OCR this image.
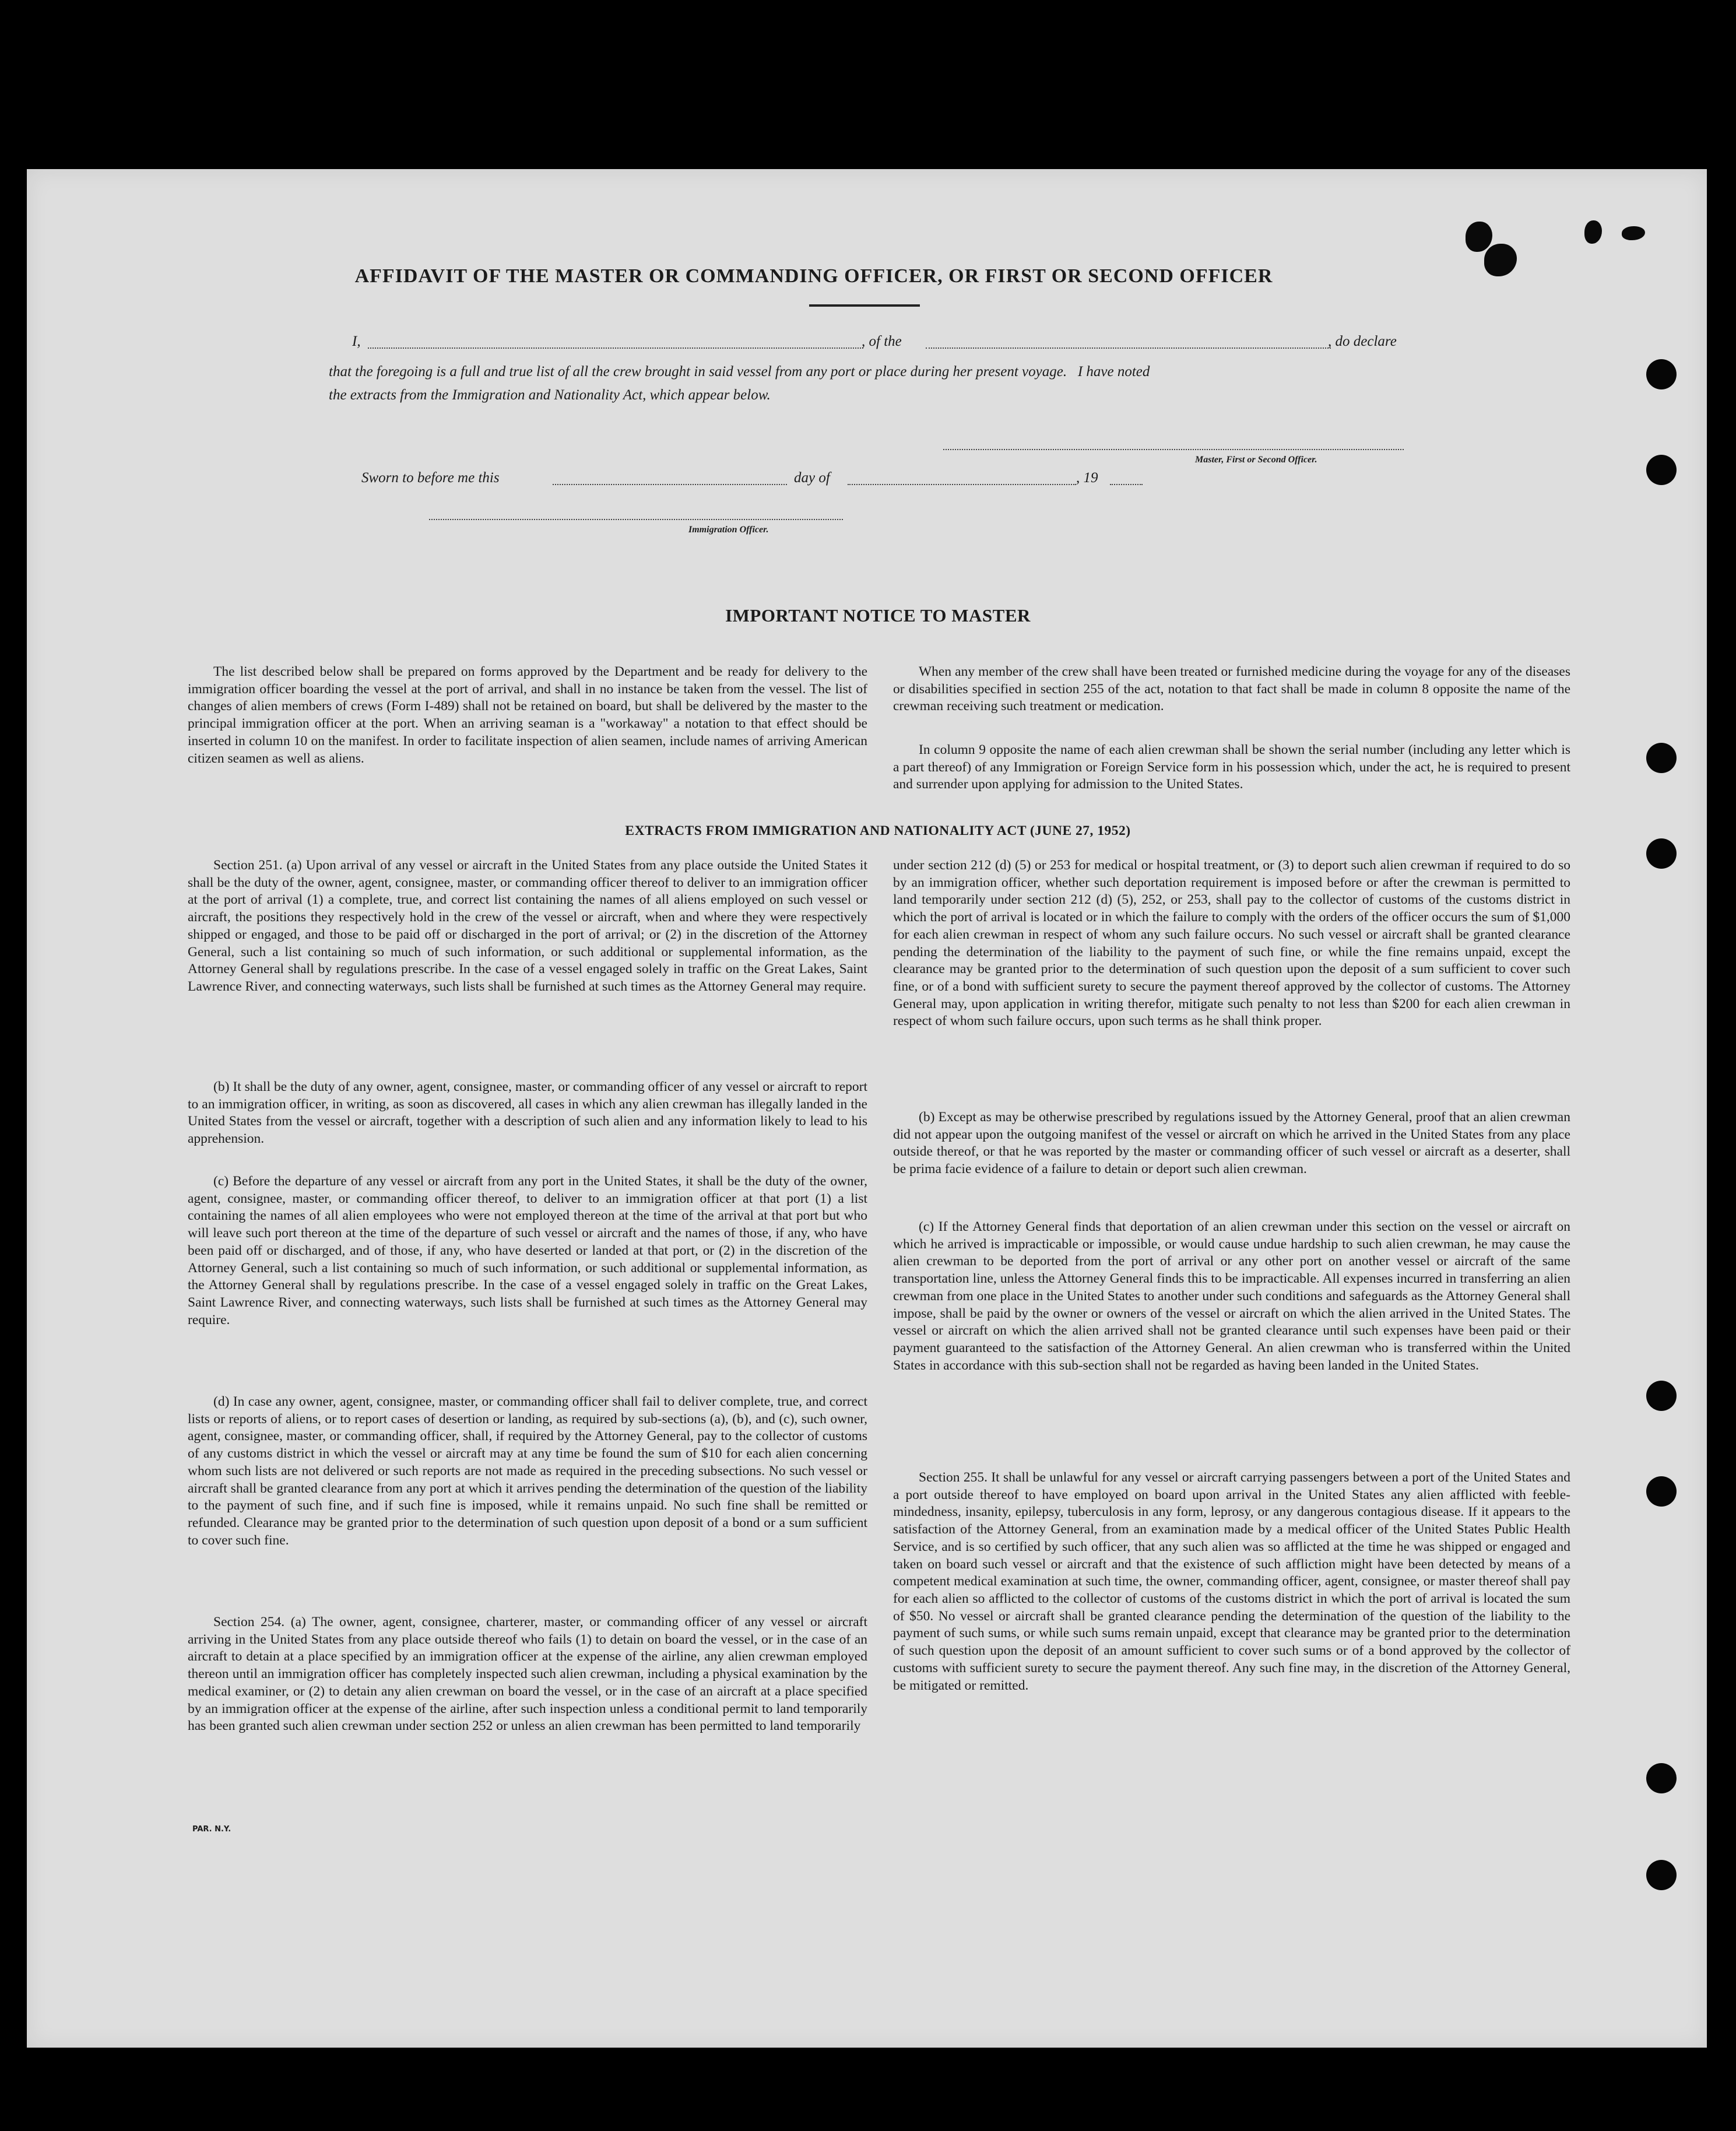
AFFIDAVIT OF THE MASTER OR COMMANDING OFFICER, OR FIRST OR SECOND OFFICER
I,	, of the	, do declare
that the foregoing is a full and true list of all the crew brought in said vessel from any port or place during her present voyage.   I have noted
the extracts from the Immigration and Nationality Act, which appear below.
Master, First or Second Officer.
Sworn to before me this	day of	, 19
Immigration Officer.
IMPORTANT NOTICE TO MASTER

The list described below shall be prepared on forms approved by the Department and be ready for delivery to the immigration officer boarding the vessel at the port of arrival, and shall in no instance be taken from the vessel. The list of changes of alien members of crews (Form I-489) shall not be retained on board, but shall be delivered by the master to the principal immigration officer at the port. When an arriving seaman is a "workaway" a notation to that effect should be inserted in column 10 on the manifest. In order to facilitate inspection of alien seamen, include names of arriving American citizen seamen as well as aliens.

When any member of the crew shall have been treated or furnished medicine during the voyage for any of the diseases or disabilities specified in section 255 of the act, notation to that fact shall be made in column 8 opposite the name of the crewman receiving such treatment or medication.

In column 9 opposite the name of each alien crewman shall be shown the serial number (including any letter which is a part thereof) of any Immigration or Foreign Service form in his possession which, under the act, he is required to present and surrender upon applying for admission to the United States.

EXTRACTS FROM IMMIGRATION AND NATIONALITY ACT (JUNE 27, 1952)

Section 251. (a) Upon arrival of any vessel or aircraft in the United States from any place outside the United States it shall be the duty of the owner, agent, consignee, master, or commanding officer thereof to deliver to an immigration officer at the port of arrival (1) a complete, true, and correct list containing the names of all aliens employed on such vessel or aircraft, the positions they respectively hold in the crew of the vessel or aircraft, when and where they were respectively shipped or engaged, and those to be paid off or discharged in the port of arrival; or (2) in the discretion of the Attorney General, such a list containing so much of such information, or such additional or supplemental information, as the Attorney General shall by regulations prescribe. In the case of a vessel engaged solely in traffic on the Great Lakes, Saint Lawrence River, and connecting waterways, such lists shall be furnished at such times as the Attorney General may require.

(b) It shall be the duty of any owner, agent, consignee, master, or commanding officer of any vessel or aircraft to report to an immigration officer, in writing, as soon as discovered, all cases in which any alien crewman has illegally landed in the United States from the vessel or aircraft, together with a description of such alien and any information likely to lead to his apprehension.

(c) Before the departure of any vessel or aircraft from any port in the United States, it shall be the duty of the owner, agent, consignee, master, or commanding officer thereof, to deliver to an immigration officer at that port (1) a list containing the names of all alien employees who were not employed thereon at the time of the arrival at that port but who will leave such port thereon at the time of the departure of such vessel or aircraft and the names of those, if any, who have been paid off or discharged, and of those, if any, who have deserted or landed at that port, or (2) in the discretion of the Attorney General, such a list containing so much of such information, or such additional or supplemental information, as the Attorney General shall by regulations prescribe. In the case of a vessel engaged solely in traffic on the Great Lakes, Saint Lawrence River, and connecting waterways, such lists shall be furnished at such times as the Attorney General may require.

(d) In case any owner, agent, consignee, master, or commanding officer shall fail to deliver complete, true, and correct lists or reports of aliens, or to report cases of desertion or landing, as required by sub-sections (a), (b), and (c), such owner, agent, consignee, master, or commanding officer, shall, if required by the Attorney General, pay to the collector of customs of any customs district in which the vessel or aircraft may at any time be found the sum of $10 for each alien concerning whom such lists are not delivered or such reports are not made as required in the preceding subsections. No such vessel or aircraft shall be granted clearance from any port at which it arrives pending the determination of the question of the liability to the payment of such fine, and if such fine is imposed, while it remains unpaid. No such fine shall be remitted or refunded. Clearance may be granted prior to the determination of such question upon deposit of a bond or a sum sufficient to cover such fine.

Section 254. (a) The owner, agent, consignee, charterer, master, or commanding officer of any vessel or aircraft arriving in the United States from any place outside thereof who fails (1) to detain on board the vessel, or in the case of an aircraft to detain at a place specified by an immigration officer at the expense of the airline, any alien crewman employed thereon until an immigration officer has completely inspected such alien crewman, including a physical examination by the medical examiner, or (2) to detain any alien crewman on board the vessel, or in the case of an aircraft at a place specified by an immigration officer at the expense of the airline, after such inspection unless a conditional permit to land temporarily has been granted such alien crewman under section 252 or unless an alien crewman has been permitted to land temporarily

under section 212 (d) (5) or 253 for medical or hospital treatment, or (3) to deport such alien crewman if required to do so by an immigration officer, whether such deportation requirement is imposed before or after the crewman is permitted to land temporarily under section 212 (d) (5), 252, or 253, shall pay to the collector of customs of the customs district in which the port of arrival is located or in which the failure to comply with the orders of the officer occurs the sum of $1,000 for each alien crewman in respect of whom any such failure occurs. No such vessel or aircraft shall be granted clearance pending the determination of the liability to the payment of such fine, or while the fine remains unpaid, except the clearance may be granted prior to the determination of such question upon the deposit of a sum sufficient to cover such fine, or of a bond with sufficient surety to secure the payment thereof approved by the collector of customs. The Attorney General may, upon application in writing therefor, mitigate such penalty to not less than $200 for each alien crewman in respect of whom such failure occurs, upon such terms as he shall think proper.

(b) Except as may be otherwise prescribed by regulations issued by the Attorney General, proof that an alien crewman did not appear upon the outgoing manifest of the vessel or aircraft on which he arrived in the United States from any place outside thereof, or that he was reported by the master or commanding officer of such vessel or aircraft as a deserter, shall be prima facie evidence of a failure to detain or deport such alien crewman.

(c) If the Attorney General finds that deportation of an alien crewman under this section on the vessel or aircraft on which he arrived is impracticable or impossible, or would cause undue hardship to such alien crewman, he may cause the alien crewman to be deported from the port of arrival or any other port on another vessel or aircraft of the same transportation line, unless the Attorney General finds this to be impracticable. All expenses incurred in transferring an alien crewman from one place in the United States to another under such conditions and safeguards as the Attorney General shall impose, shall be paid by the owner or owners of the vessel or aircraft on which the alien arrived in the United States. The vessel or aircraft on which the alien arrived shall not be granted clearance until such expenses have been paid or their payment guaranteed to the satisfaction of the Attorney General. An alien crewman who is transferred within the United States in accordance with this sub-section shall not be regarded as having been landed in the United States.

Section 255. It shall be unlawful for any vessel or aircraft carrying passengers between a port of the United States and a port outside thereof to have employed on board upon arrival in the United States any alien afflicted with feeble-mindedness, insanity, epilepsy, tuberculosis in any form, leprosy, or any dangerous contagious disease. If it appears to the satisfaction of the Attorney General, from an examination made by a medical officer of the United States Public Health Service, and is so certified by such officer, that any such alien was so afflicted at the time he was shipped or engaged and taken on board such vessel or aircraft and that the existence of such affliction might have been detected by means of a competent medical examination at such time, the owner, commanding officer, agent, consignee, or master thereof shall pay for each alien so afflicted to the collector of customs of the customs district in which the port of arrival is located the sum of $50. No vessel or aircraft shall be granted clearance pending the determination of the question of the liability to the payment of such sums, or while such sums remain unpaid, except that clearance may be granted prior to the determination of such question upon the deposit of an amount sufficient to cover such sums or of a bond approved by the collector of customs with sufficient surety to secure the payment thereof. Any such fine may, in the discretion of the Attorney General, be mitigated or remitted.

PAR. N.Y.
